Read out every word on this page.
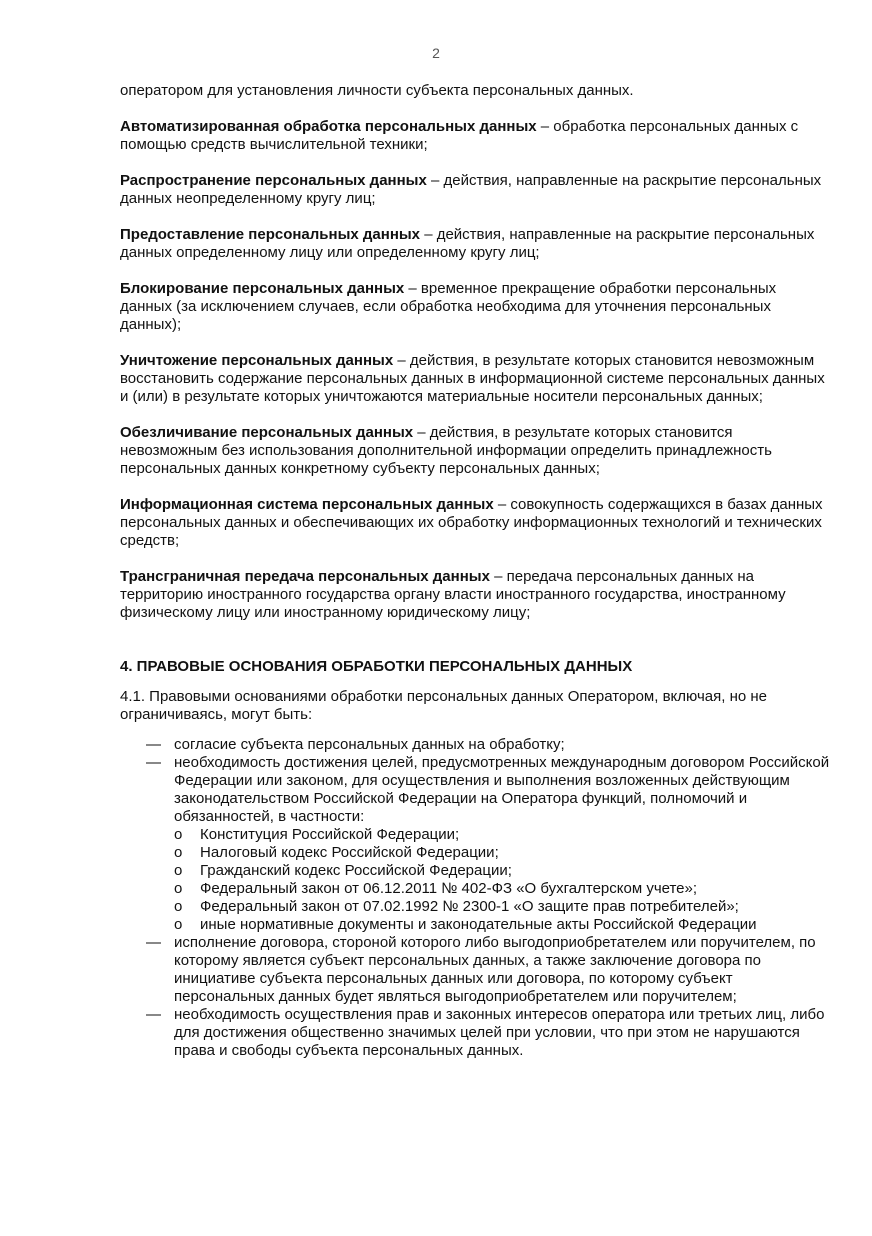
2

оператором для установления личности субъекта персональных данных.

Автоматизированная обработка персональных данных – обработка персональных данных с помощью средств вычислительной техники;

Распространение персональных данных – действия, направленные на раскрытие персональных данных неопределенному кругу лиц;

Предоставление персональных данных – действия, направленные на раскрытие персональных данных определенному лицу или определенному кругу лиц;

Блокирование персональных данных – временное прекращение обработки персональных данных (за исключением случаев, если обработка необходима для уточнения персональных данных);

Уничтожение персональных данных – действия, в результате которых становится невозможным восстановить содержание персональных данных в информационной системе персональных данных и (или) в результате которых уничтожаются материальные носители персональных данных;

Обезличивание персональных данных – действия, в результате которых становится невозможным без использования дополнительной информации определить принадлежность персональных данных конкретному субъекту персональных данных;

Информационная система персональных данных – совокупность содержащихся в базах данных персональных данных и обеспечивающих их обработку информационных технологий и технических средств;

Трансграничная передача персональных данных – передача персональных данных на территорию иностранного государства органу власти иностранного государства, иностранному физическому лицу или иностранному юридическому лицу;

4. ПРАВОВЫЕ ОСНОВАНИЯ ОБРАБОТКИ ПЕРСОНАЛЬНЫХ ДАННЫХ

4.1. Правовыми основаниями обработки персональных данных Оператором, включая, но не ограничиваясь, могут быть:

— согласие субъекта персональных данных на обработку;
— необходимость достижения целей, предусмотренных международным договором Российской Федерации или законом, для осуществления и выполнения возложенных действующим законодательством Российской Федерации на Оператора функций, полномочий и обязанностей, в частности:
o Конституция Российской Федерации;
o Налоговый кодекс Российской Федерации;
o Гражданский кодекс Российской Федерации;
o Федеральный закон от 06.12.2011 № 402-ФЗ «О бухгалтерском учете»;
o Федеральный закон от 07.02.1992 № 2300-1 «О защите прав потребителей»;
o иные нормативные документы и законодательные акты Российской Федерации
— исполнение договора, стороной которого либо выгодоприобретателем или поручителем, по которому является субъект персональных данных, а также заключение договора по инициативе субъекта персональных данных или договора, по которому субъект персональных данных будет являться выгодоприобретателем или поручителем;
— необходимость осуществления прав и законных интересов оператора или третьих лиц, либо для достижения общественно значимых целей при условии, что при этом не нарушаются права и свободы субъекта персональных данных.
